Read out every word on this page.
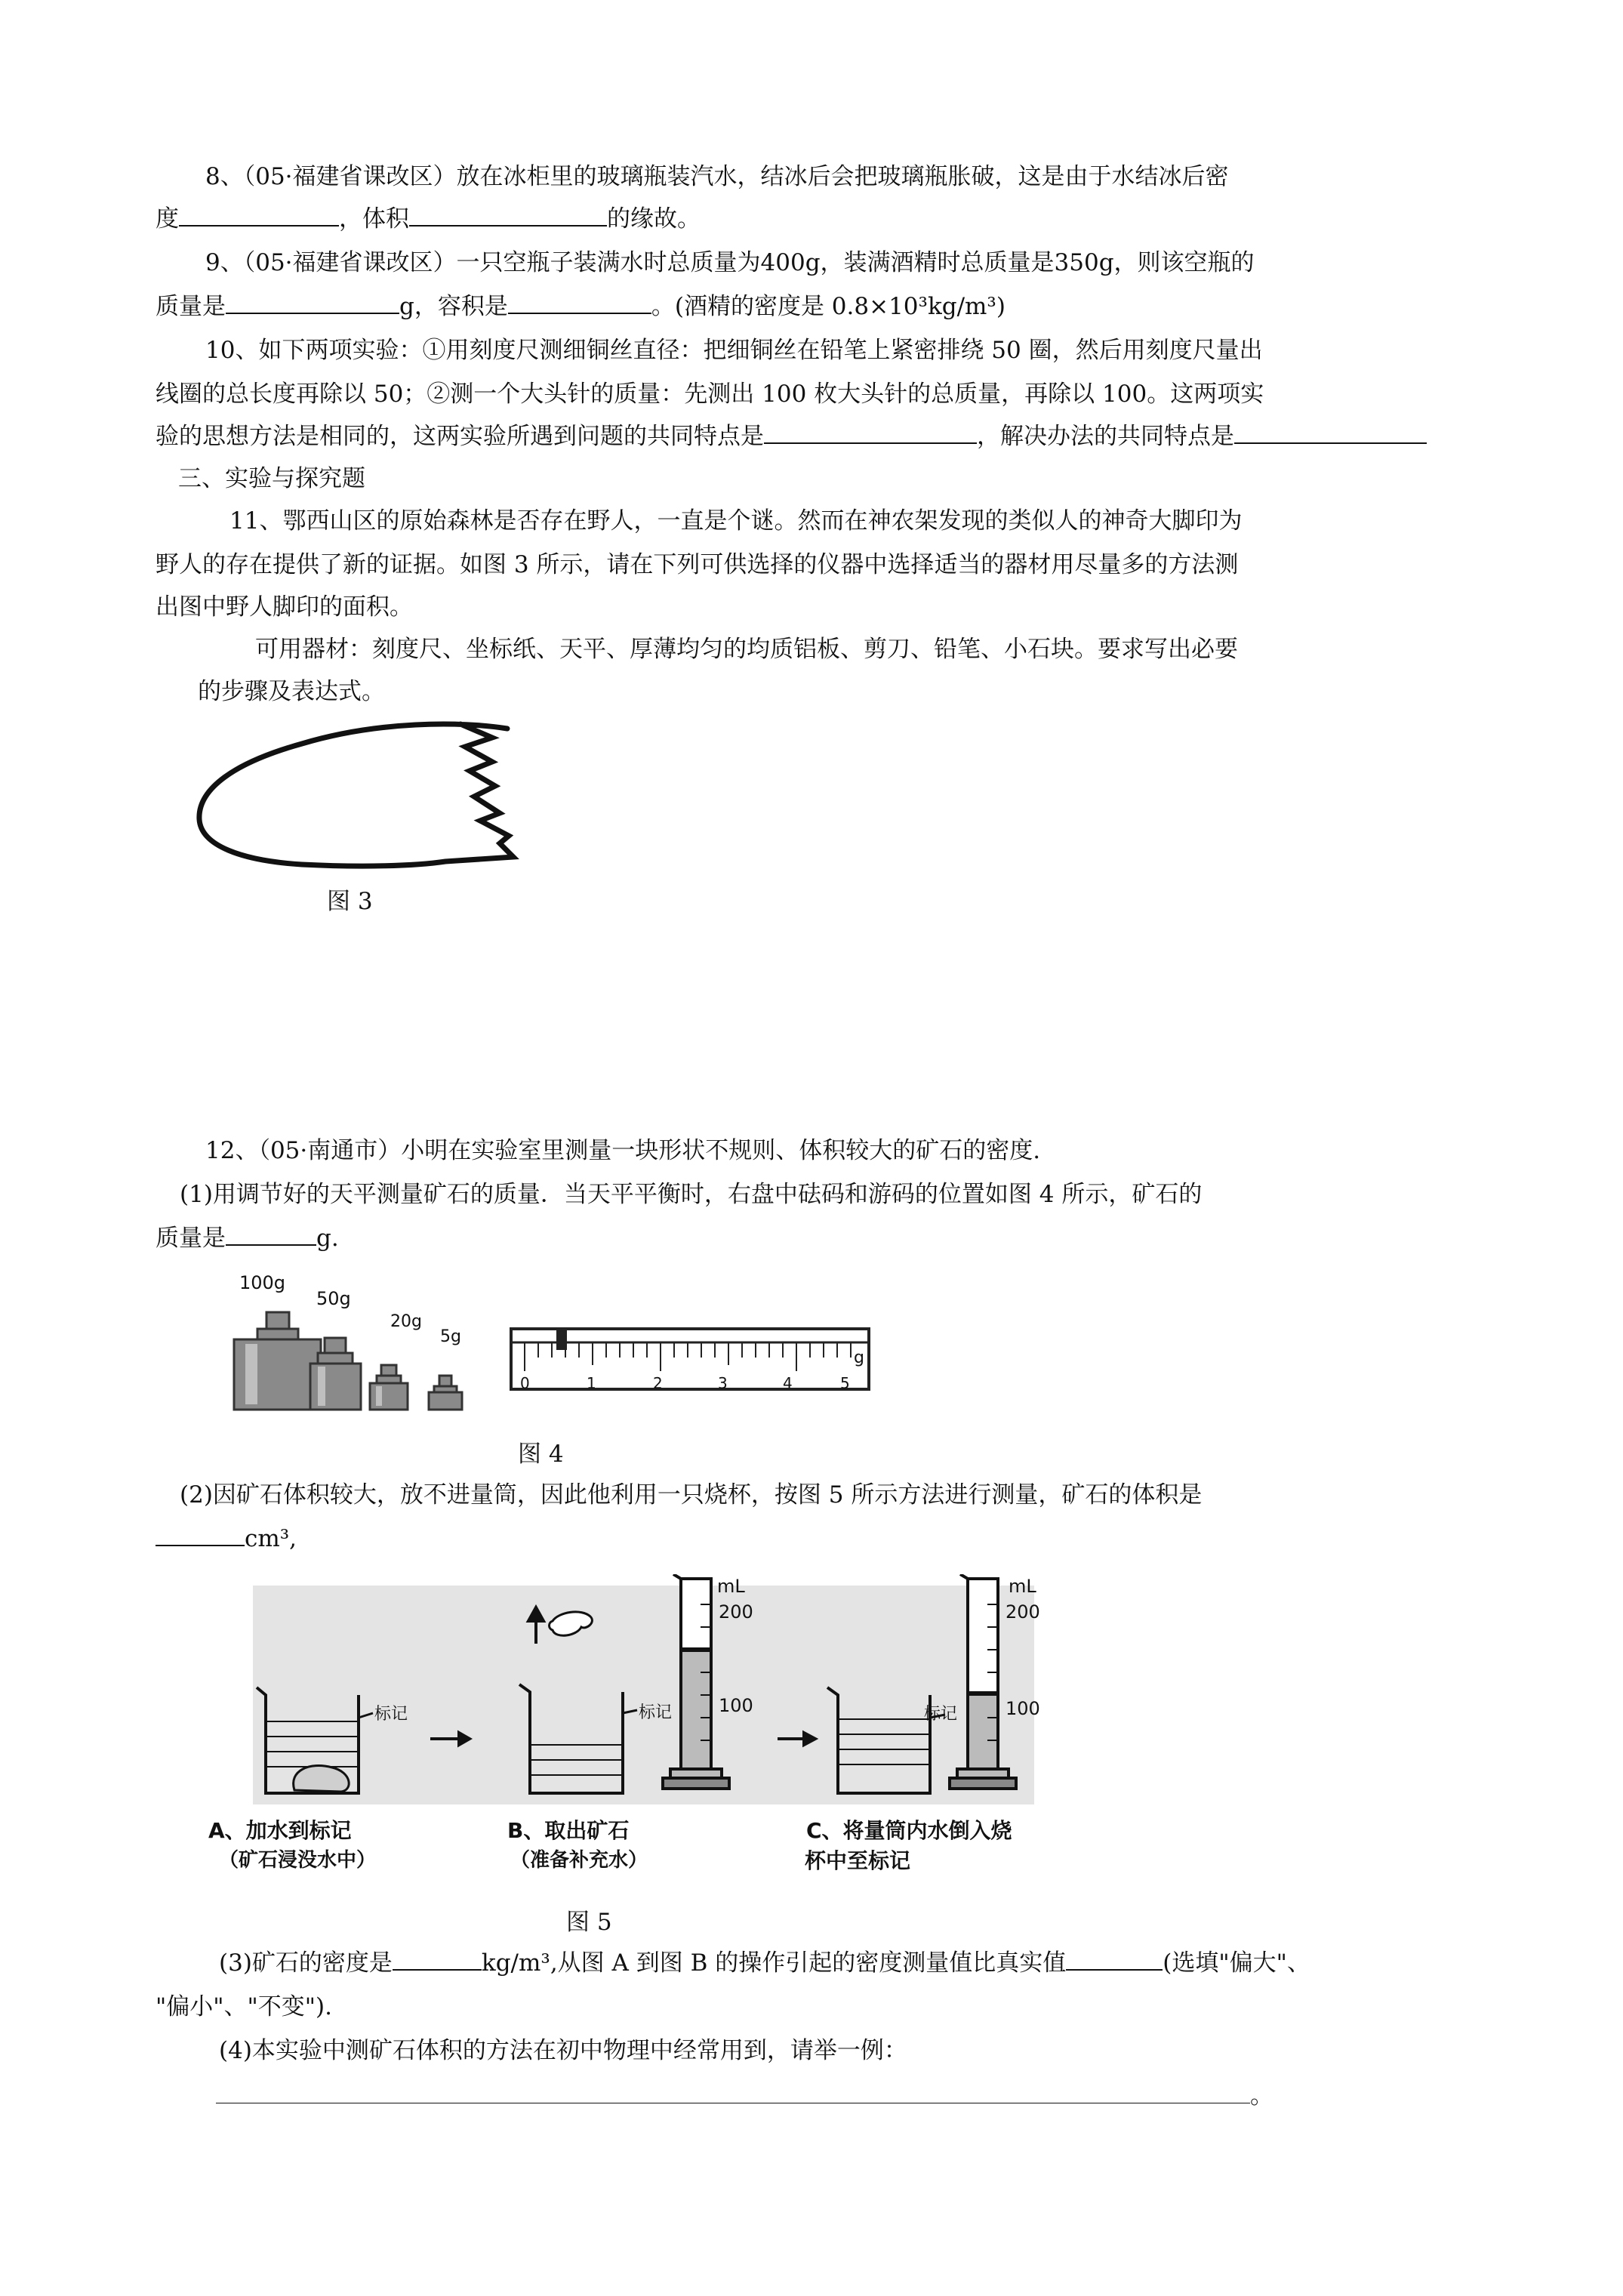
8、（05·福建省课改区）放在冰柜里的玻璃瓶装汽水，结冰后会把玻璃瓶胀破，这是由于水结冰后密
度	，体积	的缘故。
9、（05·福建省课改区）一只空瓶子装满水时总质量为400g，装满酒精时总质量是350g，则该空瓶的
质量是	g，容积是	。(酒精的密度是 0.8×10³kg/m³)
10、如下两项实验：①用刻度尺测细铜丝直径：把细铜丝在铅笔上紧密排绕 50 圈，然后用刻度尺量出
线圈的总长度再除以 50；②测一个大头针的质量：先测出 100 枚大头针的总质量，再除以 100。这两项实
验的思想方法是相同的，这两实验所遇到问题的共同特点是	，解决办法的共同特点是
三、实验与探究题
11、鄂西山区的原始森林是否存在野人，一直是个谜。然而在神农架发现的类似人的神奇大脚印为
野人的存在提供了新的证据。如图 3 所示，请在下列可供选择的仪器中选择适当的器材用尽量多的方法测
出图中野人脚印的面积。
可用器材：刻度尺、坐标纸、天平、厚薄均匀的均质铝板、剪刀、铅笔、小石块。要求写出必要
的步骤及表达式。
图 3
12、（05·南通市）小明在实验室里测量一块形状不规则、体积较大的矿石的密度.
(1)用调节好的天平测量矿石的质量．当天平平衡时，右盘中砝码和游码的位置如图 4 所示，矿石的
质量是	g.
100g
50g
20g
5g
0	1	2	3	4	5
g
图 4
(2)因矿石体积较大，放不进量筒，因此他利用一只烧杯，按图 5 所示方法进行测量，矿石的体积是
cm³,
标记	标记	标记
mL
200
100
mL
200
100
A、加水到标记
（矿石浸没水中）
B、取出矿石
（准备补充水）
C、将量筒内水倒入烧
杯中至标记
图 5
(3)矿石的密度是	kg/m³,从图 A 到图 B 的操作引起的密度测量值比真实值	(选填"偏大"、
"偏小"、"不变").
(4)本实验中测矿石体积的方法在初中物理中经常用到，请举一例：
。
